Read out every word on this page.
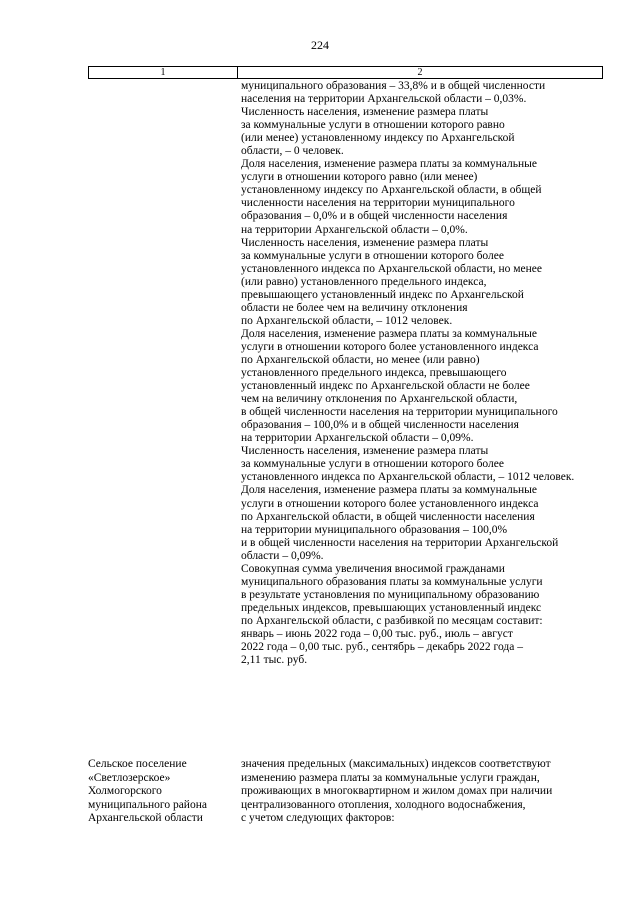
224
1	2
муниципального образования – 33,8% и в общей численности
населения на территории Архангельской области – 0,03%.
Численность населения, изменение размера платы
за коммунальные услуги в отношении которого равно
(или менее) установленному индексу по Архангельской
области, – 0 человек.
Доля населения, изменение размера платы за коммунальные
услуги в отношении которого равно (или менее)
установленному индексу по Архангельской области, в общей
численности населения на территории муниципального
образования – 0,0% и в общей численности населения
на территории Архангельской области – 0,0%.
Численность населения, изменение размера платы
за коммунальные услуги в отношении которого более
установленного индекса по Архангельской области, но менее
(или равно) установленного предельного индекса,
превышающего установленный индекс по Архангельской
области не более чем на величину отклонения
по Архангельской области, – 1012 человек.
Доля населения, изменение размера платы за коммунальные
услуги в отношении которого более установленного индекса
по Архангельской области, но менее (или равно)
установленного предельного индекса, превышающего
установленный индекс по Архангельской области не более
чем на величину отклонения по Архангельской области,
в общей численности населения на территории муниципального
образования – 100,0% и в общей численности населения
на территории Архангельской области – 0,09%.
Численность населения, изменение размера платы
за коммунальные услуги в отношении которого более
установленного индекса по Архангельской области, – 1012 человек.
Доля населения, изменение размера платы за коммунальные
услуги в отношении которого более установленного индекса
по Архангельской области, в общей численности населения
на территории муниципального образования – 100,0%
и в общей численности населения на территории Архангельской
области – 0,09%.
Совокупная сумма увеличения вносимой гражданами
муниципального образования платы за коммунальные услуги
в результате установления по муниципальному образованию
предельных индексов, превышающих установленный индекс
по Архангельской области, с разбивкой по месяцам составит:
январь – июнь 2022 года – 0,00 тыс. руб., июль – август
2022 года – 0,00 тыс. руб., сентябрь – декабрь 2022 года –
2,11 тыс. руб.
Сельское поселение
«Светлозерское»
Холмогорского
муниципального района
Архангельской области
значения предельных (максимальных) индексов соответствуют
изменению размера платы за коммунальные услуги граждан,
проживающих в многоквартирном и жилом домах при наличии
централизованного отопления, холодного водоснабжения,
с учетом следующих факторов:
